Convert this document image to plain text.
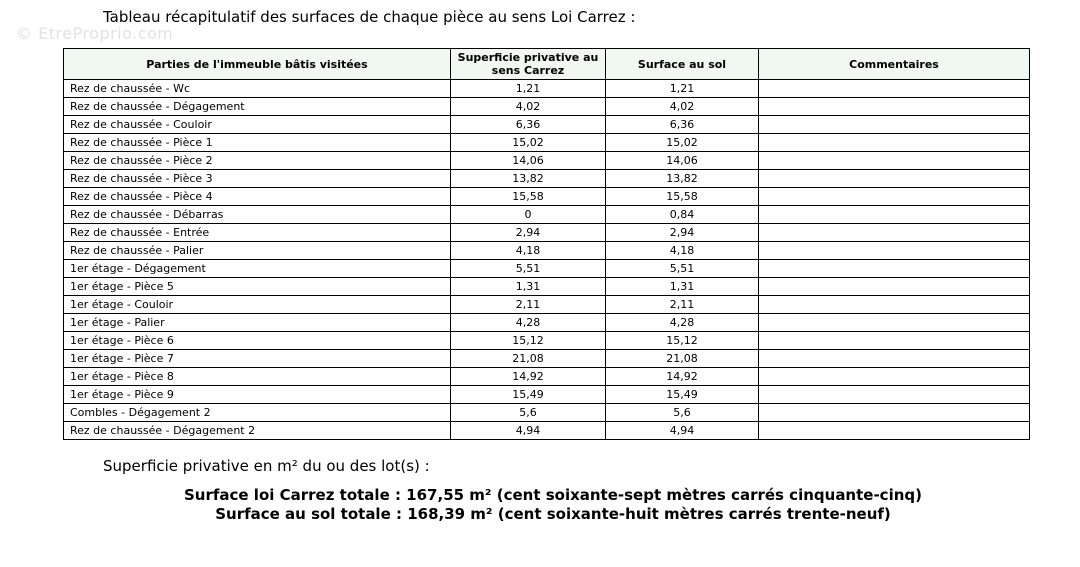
© EtreProprio.com
Tableau récapitulatif des surfaces de chaque pièce au sens Loi Carrez :
Parties de l'immeuble bâtis visitées	Superficie privative au sens Carrez	Surface au sol	Commentaires
Rez de chaussée - Wc	1,21	1,21	
Rez de chaussée - Dégagement	4,02	4,02	
Rez de chaussée - Couloir	6,36	6,36	
Rez de chaussée - Pièce 1	15,02	15,02	
Rez de chaussée - Pièce 2	14,06	14,06	
Rez de chaussée - Pièce 3	13,82	13,82	
Rez de chaussée - Pièce 4	15,58	15,58	
Rez de chaussée - Débarras	0	0,84	
Rez de chaussée - Entrée	2,94	2,94	
Rez de chaussée - Palier	4,18	4,18	
1er étage - Dégagement	5,51	5,51	
1er étage - Pièce 5	1,31	1,31	
1er étage - Couloir	2,11	2,11	
1er étage - Palier	4,28	4,28	
1er étage - Pièce 6	15,12	15,12	
1er étage - Pièce 7	21,08	21,08	
1er étage - Pièce 8	14,92	14,92	
1er étage - Pièce 9	15,49	15,49	
Combles - Dégagement 2	5,6	5,6	
Rez de chaussée - Dégagement 2	4,94	4,94	
Superficie privative en m² du ou des lot(s) :
Surface loi Carrez totale : 167,55 m² (cent soixante-sept mètres carrés cinquante-cinq)
Surface au sol totale : 168,39 m² (cent soixante-huit mètres carrés trente-neuf)
